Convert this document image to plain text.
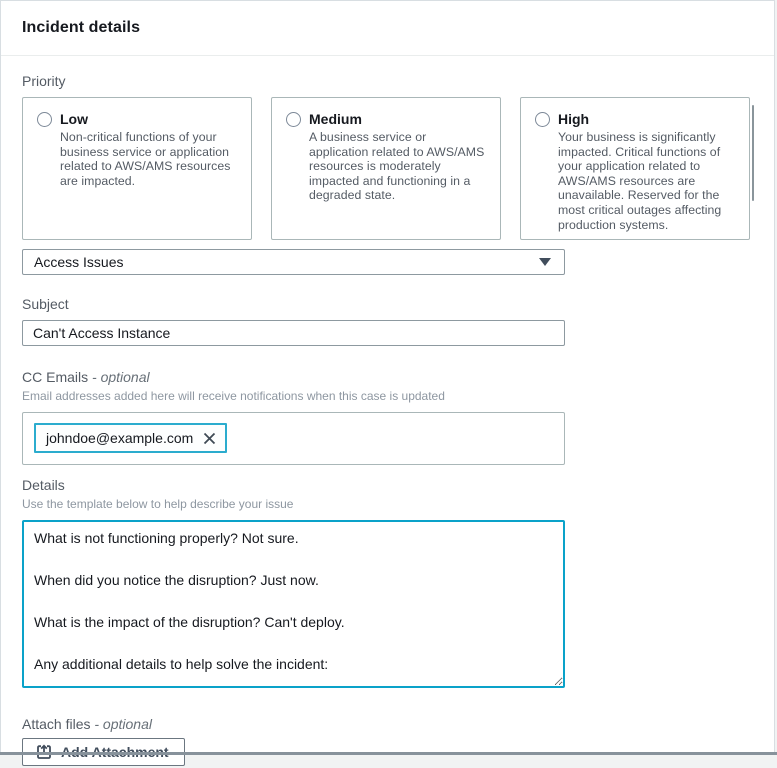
Incident details
Priority
Low
Non-critical functions of your business service or application related to AWS/AMS resources are impacted.
Medium
A business service or application related to AWS/AMS resources is moderately impacted and functioning in a degraded state.
High
Your business is significantly impacted. Critical functions of your application related to AWS/AMS resources are unavailable. Reserved for the most critical outages affecting production systems.
Access Issues
Subject
Can't Access Instance
CC Emails - optional
Email addresses added here will receive notifications when this case is updated
johndoe@example.com
Details
Use the template below to help describe your issue
What is not functioning properly? Not sure. When did you notice the disruption? Just now. What is the impact of the disruption? Can't deploy. Any additional details to help solve the incident:
Attach files - optional
